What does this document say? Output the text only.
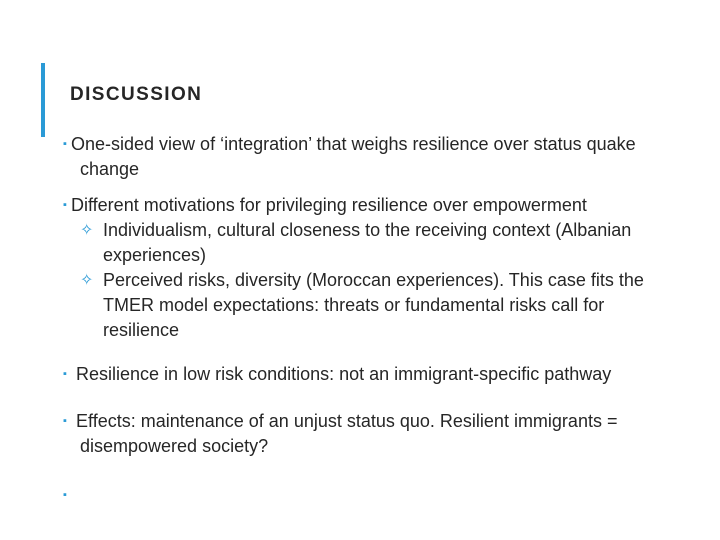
DISCUSSION
▪ One-sided view of ‘integration’ that weighs resilience over status quake change
▪ Different motivations for privileging resilience over empowerment
✧ Individualism, cultural closeness to the receiving context (Albanian experiences)
✧ Perceived risks, diversity (Moroccan experiences). This case fits the TMER model expectations: threats or fundamental risks call for resilience
▪ Resilience in low risk conditions: not an immigrant-specific pathway
▪ Effects: maintenance of an unjust status quo. Resilient immigrants = disempowered society?
▪
